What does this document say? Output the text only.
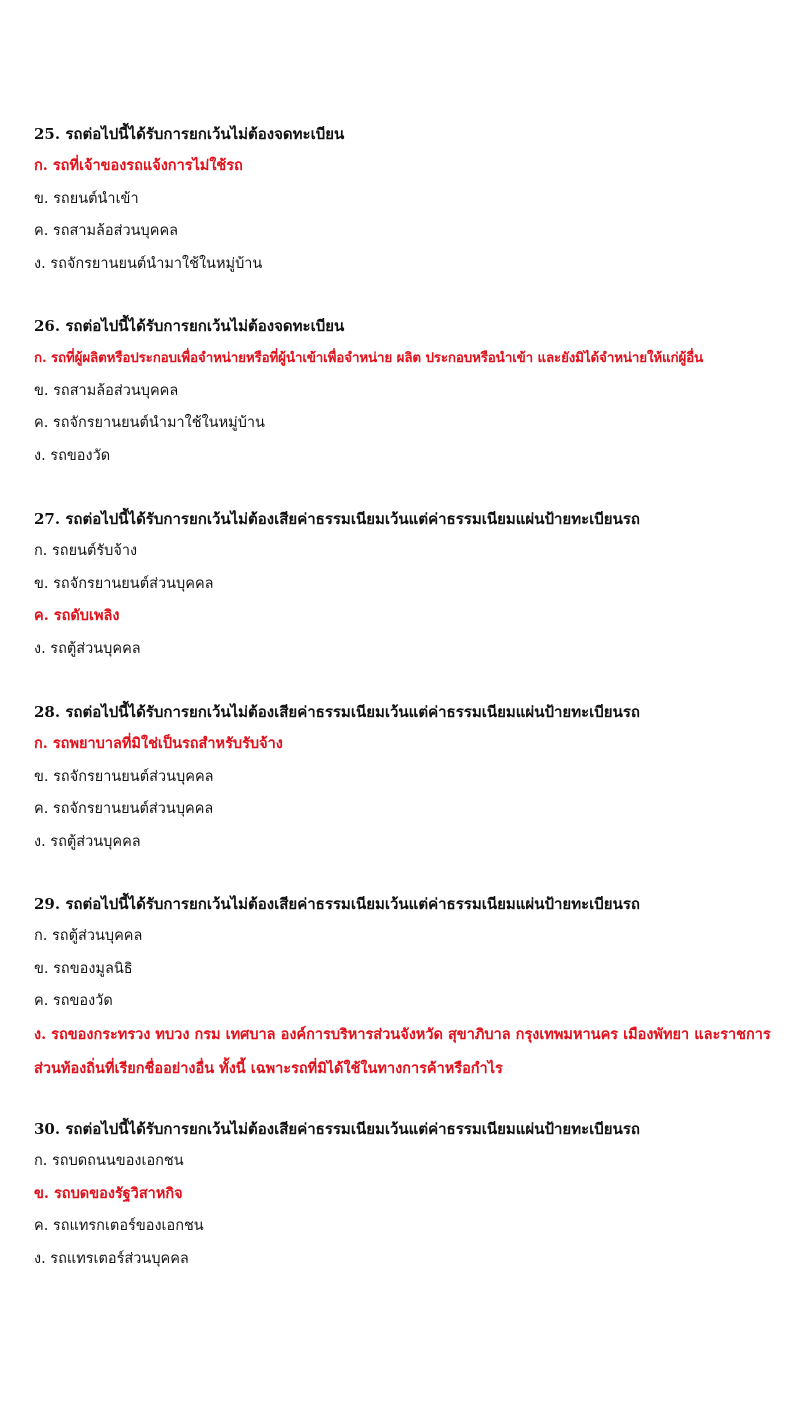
25. รถต่อไปนี้ได้รับการยกเว้นไม่ต้องจดทะเบียน
ก. รถที่เจ้าของรถแจ้งการไม่ใช้รถ
ข. รถยนต์นำเข้า
ค. รถสามล้อส่วนบุคคล
ง. รถจักรยานยนต์นำมาใช้ในหมู่บ้าน
26. รถต่อไปนี้ได้รับการยกเว้นไม่ต้องจดทะเบียน
ก. รถที่ผู้ผลิตหรือประกอบเพื่อจำหน่ายหรือที่ผู้นำเข้าเพื่อจำหน่าย ผลิต ประกอบหรือนำเข้า และยังมิได้จำหน่ายให้แก่ผู้อื่น
ข. รถสามล้อส่วนบุคคล
ค. รถจักรยานยนต์นำมาใช้ในหมู่บ้าน
ง. รถของวัด
27. รถต่อไปนี้ได้รับการยกเว้นไม่ต้องเสียค่าธรรมเนียมเว้นแต่ค่าธรรมเนียมแผ่นป้ายทะเบียนรถ
ก. รถยนต์รับจ้าง
ข. รถจักรยานยนต์ส่วนบุคคล
ค. รถดับเพลิง
ง. รถตู้ส่วนบุคคล
28. รถต่อไปนี้ได้รับการยกเว้นไม่ต้องเสียค่าธรรมเนียมเว้นแต่ค่าธรรมเนียมแผ่นป้ายทะเบียนรถ
ก. รถพยาบาลที่มิใช่เป็นรถสำหรับรับจ้าง
ข. รถจักรยานยนต์ส่วนบุคคล
ค. รถจักรยานยนต์ส่วนบุคคล
ง. รถตู้ส่วนบุคคล
29. รถต่อไปนี้ได้รับการยกเว้นไม่ต้องเสียค่าธรรมเนียมเว้นแต่ค่าธรรมเนียมแผ่นป้ายทะเบียนรถ
ก. รถตู้ส่วนบุคคล
ข. รถของมูลนิธิ
ค. รถของวัด
ง. รถของกระทรวง ทบวง กรม เทศบาล องค์การบริหารส่วนจังหวัด สุขาภิบาล กรุงเทพมหานคร เมืองพัทยา และราชการส่วนท้องถิ่นที่เรียกชื่ออย่างอื่น ทั้งนี้ เฉพาะรถที่มิได้ใช้ในทางการค้าหรือกำไร
30. รถต่อไปนี้ได้รับการยกเว้นไม่ต้องเสียค่าธรรมเนียมเว้นแต่ค่าธรรมเนียมแผ่นป้ายทะเบียนรถ
ก. รถบดถนนของเอกชน
ข. รถบดของรัฐวิสาหกิจ
ค. รถแทรกเตอร์ของเอกชน
ง. รถแทรเตอร์ส่วนบุคคล
